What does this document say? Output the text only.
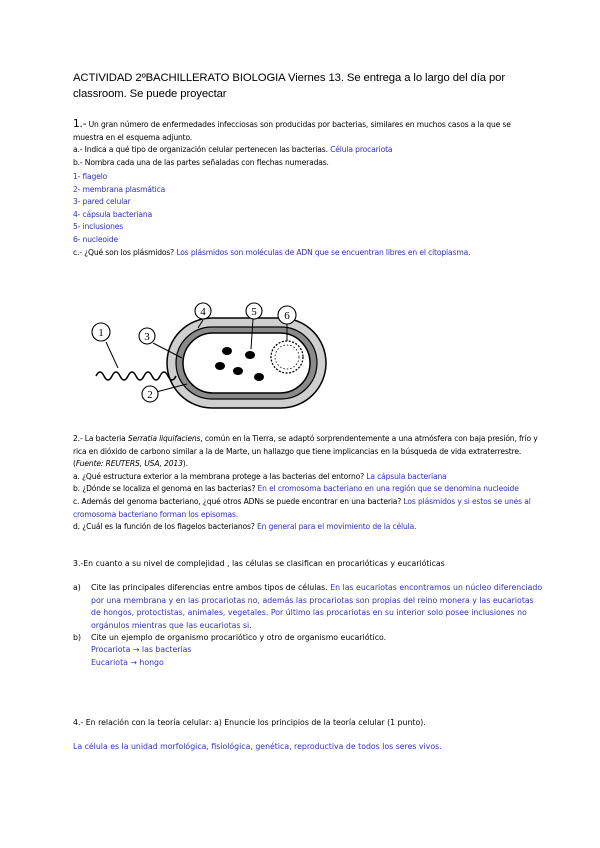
ACTIVIDAD 2ºBACHILLERATO BIOLOGIA Viernes 13. Se entrega a lo largo del día por classroom. Se puede proyectar
1.- Un gran número de enfermedades infecciosas son producidas por bacterias, similares en muchos casos a la que se muestra en el esquema adjunto.
a.- Indica a qué tipo de organización celular pertenecen las bacterias. Célula procariota
b.- Nombra cada una de las partes señaladas con flechas numeradas.
1- flagelo
2- membrana plasmática
3- pared celular
4- cápsula bacteriana
5- inclusiones
6- nucleoide
c.- ¿Qué son los plásmidos? Los plásmidos son moléculas de ADN que se encuentran libres en el citoplasma.
1
2
3
4	5	6
2.- La bacteria Serratia liquifaciens, común en la Tierra, se adaptó sorprendentemente a una atmósfera con baja presión, frío y rica en dióxido de carbono similar a la de Marte, un hallazgo que tiene implicancias en la búsqueda de vida extraterrestre. (Fuente: REUTERS, USA, 2013).
a. ¿Qué estructura exterior a la membrana protege a las bacterias del entorno? La cápsula bacteriana
b. ¿Dónde se localiza el genoma en las bacterias? En el cromosoma bacteriano en una región que se denomina nucleoide
c. Además del genoma bacteriano, ¿qué otros ADNs se puede encontrar en una bacteria? Los plásmidos y si estos se unes al cromosoma bacteriano forman los episomas.
d. ¿Cuál es la función de los flagelos bacterianos? En general para el movimiento de la célula.
3.-En cuanto a su nivel de complejidad , las células se clasifican en procarióticas y eucarióticas
a) Cite las principales diferencias entre ambos tipos de células. En las eucariotas encontramos un núcleo diferenciado por una membrana y en las procariotas no, además las procariotas son propias del reino monera y las eucariotas de hongos, protoctistas, animales, vegetales. Por último las procariotas en su interior solo posee inclusiones no orgánulos mientras que las eucariotas si.
b) Cite un ejemplo de organismo procariótico y otro de organismo eucariótico.
Procariota → las bacterias
Eucariota → hongo
4.- En relación con la teoría celular: a) Enuncie los principios de la teoría celular (1 punto).
La célula es la unidad morfológica, fisiológica, genética, reproductiva de todos los seres vivos.
